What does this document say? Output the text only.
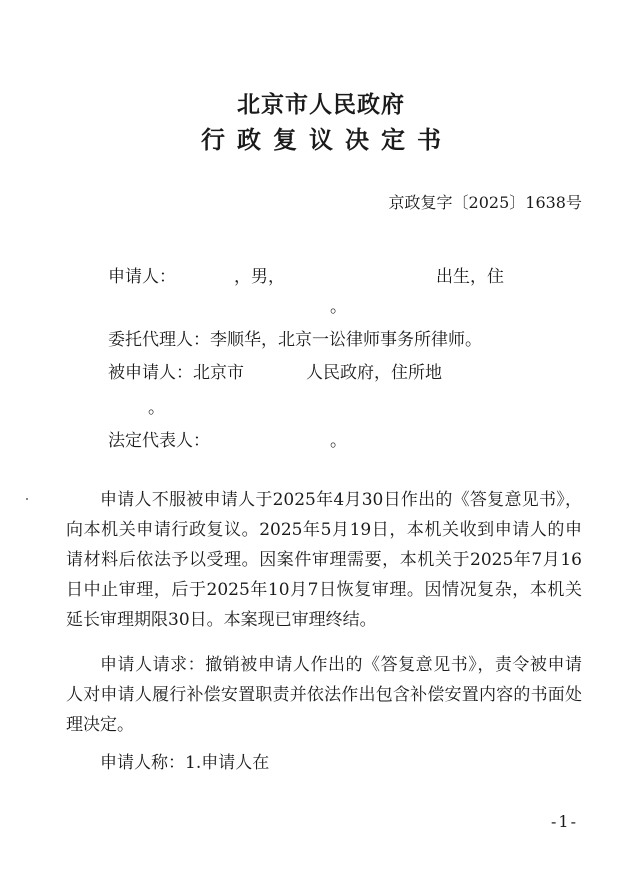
北京市人民政府
行政复议决定书
京政复字〔2025〕1638号
申请人：	，男，	出生，住
。
委托代理人：李顺华，北京一讼律师事务所律师。
被申请人：北京市	人民政府，住所地
。
法定代表人：	。

申请人不服被申请人于2025年4月30日作出的《答复意见书》，向本机关申请行政复议。2025年5月19日，本机关收到申请人的申请材料后依法予以受理。因案件审理需要，本机关于2025年7月16日中止审理，后于2025年10月7日恢复审理。因情况复杂，本机关延长审理期限30日。本案现已审理终结。

申请人请求：撤销被申请人作出的《答复意见书》，责令被申请人对申请人履行补偿安置职责并依法作出包含补偿安置内容的书面处理决定。

申请人称：1.申请人在

-1-
